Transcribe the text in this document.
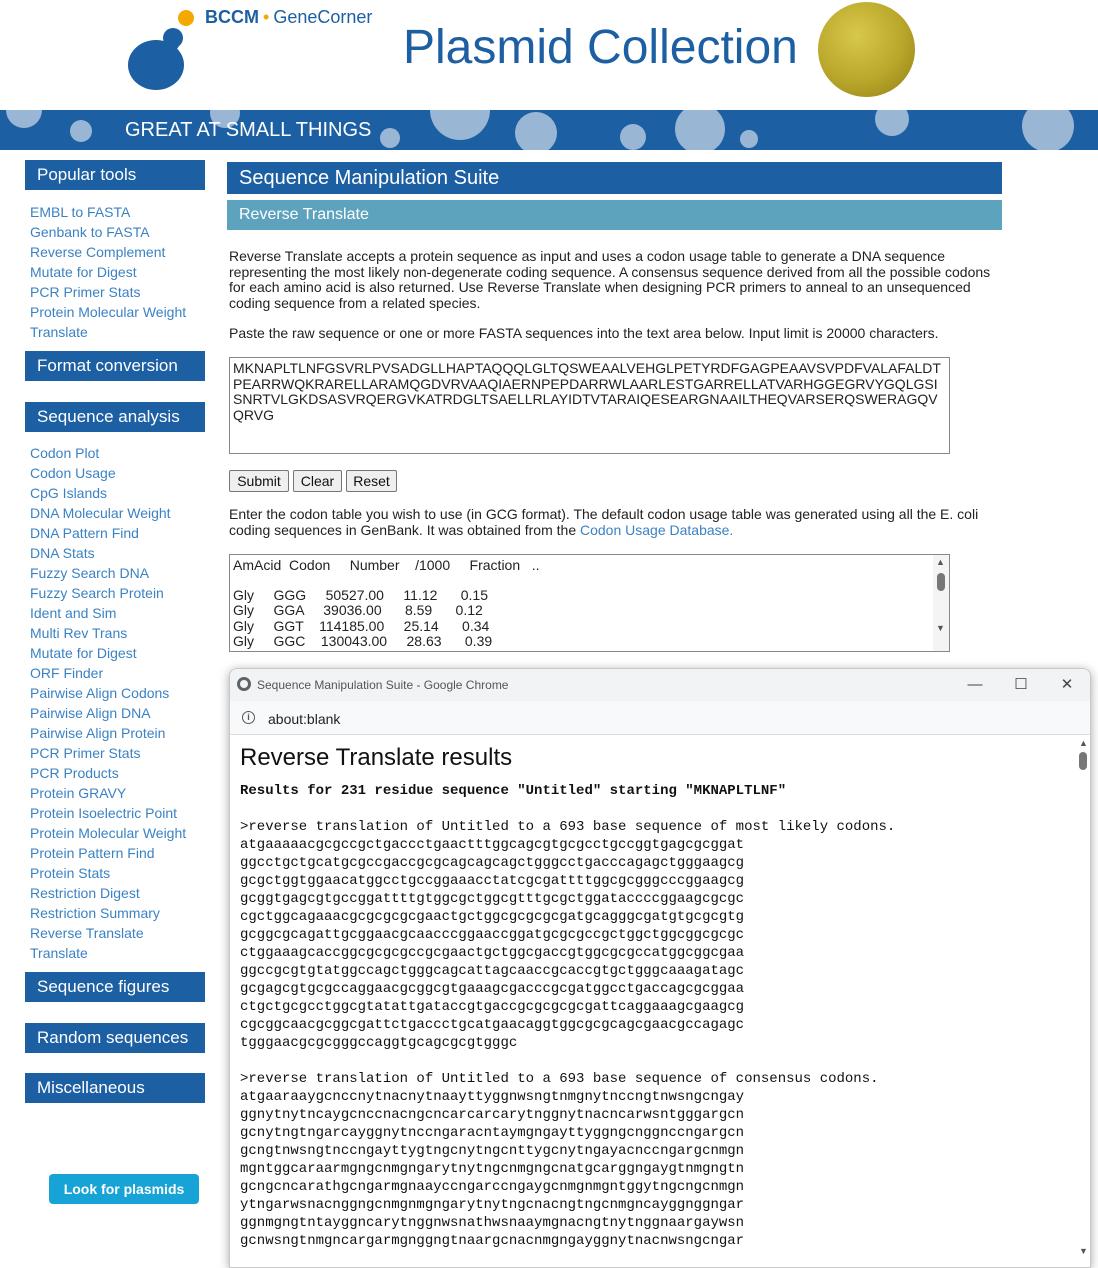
BCCM • GeneCorner
Plasmid Collection
GREAT AT SMALL THINGS
Popular tools
EMBL to FASTA
Genbank to FASTA
Reverse Complement
Mutate for Digest
PCR Primer Stats
Protein Molecular Weight
Translate
Format conversion
Sequence analysis
Codon Plot
Codon Usage
CpG Islands
DNA Molecular Weight
DNA Pattern Find
DNA Stats
Fuzzy Search DNA
Fuzzy Search Protein
Ident and Sim
Multi Rev Trans
Mutate for Digest
ORF Finder
Pairwise Align Codons
Pairwise Align DNA
Pairwise Align Protein
PCR Primer Stats
PCR Products
Protein GRAVY
Protein Isoelectric Point
Protein Molecular Weight
Protein Pattern Find
Protein Stats
Restriction Digest
Restriction Summary
Reverse Translate
Translate
Sequence figures
Random sequences
Miscellaneous
Look for plasmids
Sequence Manipulation Suite
Reverse Translate
Reverse Translate accepts a protein sequence as input and uses a codon usage table to generate a DNA sequence representing the most likely non-degenerate coding sequence. A consensus sequence derived from all the possible codons for each amino acid is also returned. Use Reverse Translate when designing PCR primers to anneal to an unsequenced coding sequence from a related species.
Paste the raw sequence or one or more FASTA sequences into the text area below. Input limit is 20000 characters.
MKNAPLTLNFGSVRLPVSADGLLHAPTAQQQLGLTQSWEAALVEHGLPETYRDFGAGPEAAVSVPDFVALAFALDTPEARRWQKRARELLARAMQGDVRVAAQIAERNPEPDARRWLAARLESTGARRELLATVARHGGEGRVYGQLGSISNRTVLGKDSASVRQERGVKATRDGLTSAELLRLAYIDTVTARAIQESEARGNAAILTHEQVARSERQSWERAGQVQRVG
Submit	Clear	Reset
Enter the codon table you wish to use (in GCG format). The default codon usage table was generated using all the E. coli coding sequences in GenBank. It was obtained from the Codon Usage Database.
AmAcid  Codon     Number    /1000     Fraction   ..
Gly     GGG     50527.00     11.12      0.15
Gly     GGA     39036.00      8.59      0.12
Gly     GGT    114185.00     25.14      0.34
Gly     GGC    130043.00     28.63      0.39
▲
▼
Sequence Manipulation Suite - Google Chrome	—	☐	✕
i	about:blank
Reverse Translate results
Results for 231 residue sequence "Untitled" starting "MKNAPLTLNF"
>reverse translation of Untitled to a 693 base sequence of most likely codons.
atgaaaaacgcgccgctgaccctgaactttggcagcgtgcgcctgccggtgagcgcggat
ggcctgctgcatgcgccgaccgcgcagcagcagctgggcctgacccagagctgggaagcg
gcgctggtggaacatggcctgccggaaacctatcgcgattttggcgcgggcccggaagcg
gcggtgagcgtgccggattttgtggcgctggcgtttgcgctggataccccggaagcgcgc
cgctggcagaaacgcgcgcgcgaactgctggcgcgcgcgatgcagggcgatgtgcgcgtg
gcggcgcagattgcggaacgcaacccggaaccggatgcgcgccgctggctggcggcgcgc
ctggaaagcaccggcgcgcgccgcgaactgctggcgaccgtggcgcgccatggcggcgaa
ggccgcgtgtatggccagctgggcagcattagcaaccgcaccgtgctgggcaaagatagc
gcgagcgtgcgccaggaacgcggcgtgaaagcgacccgcgatggcctgaccagcgcggaa
ctgctgcgcctggcgtatattgataccgtgaccgcgcgcgcgattcaggaaagcgaagcg
cgcggcaacgcggcgattctgaccctgcatgaacaggtggcgcgcagcgaacgccagagc
tgggaacgcgcgggccaggtgcagcgcgtgggc
>reverse translation of Untitled to a 693 base sequence of consensus codons.
atgaaraaygcnccnytnacnytnaayttyggnwsngtnmgnytnccngtnwsngcngay
ggnytnytncaygcnccnacngcncarcarcarytnggnytnacncarwsntgggargcn
gcnytngtngarcayggnytnccngaracntaymgngayttyggngcnggnccngargcn
gcngtnwsngtnccngayttygtngcnytngcnttygcnytngayacnccngargcnmgn
mgntggcaraarmgngcnmgngarytnytngcnmgngcnatgcarggngaygtnmgngtn
gcngcncarathgcngarmgnaayccngarccngaygcnmgnmgntggytngcngcnmgn
ytngarwsnacnggngcnmgnmgngarytnytngcnacngtngcnmgncayggnggngar
ggnmgngtntayggncarytnggnwsnathwsnaaymgnacngtnytnggnaargaywsn
gcnwsngtnmgncargarmgnggngtnaargcnacnmgngayggnytnacnwsngcngar
▲
▼
